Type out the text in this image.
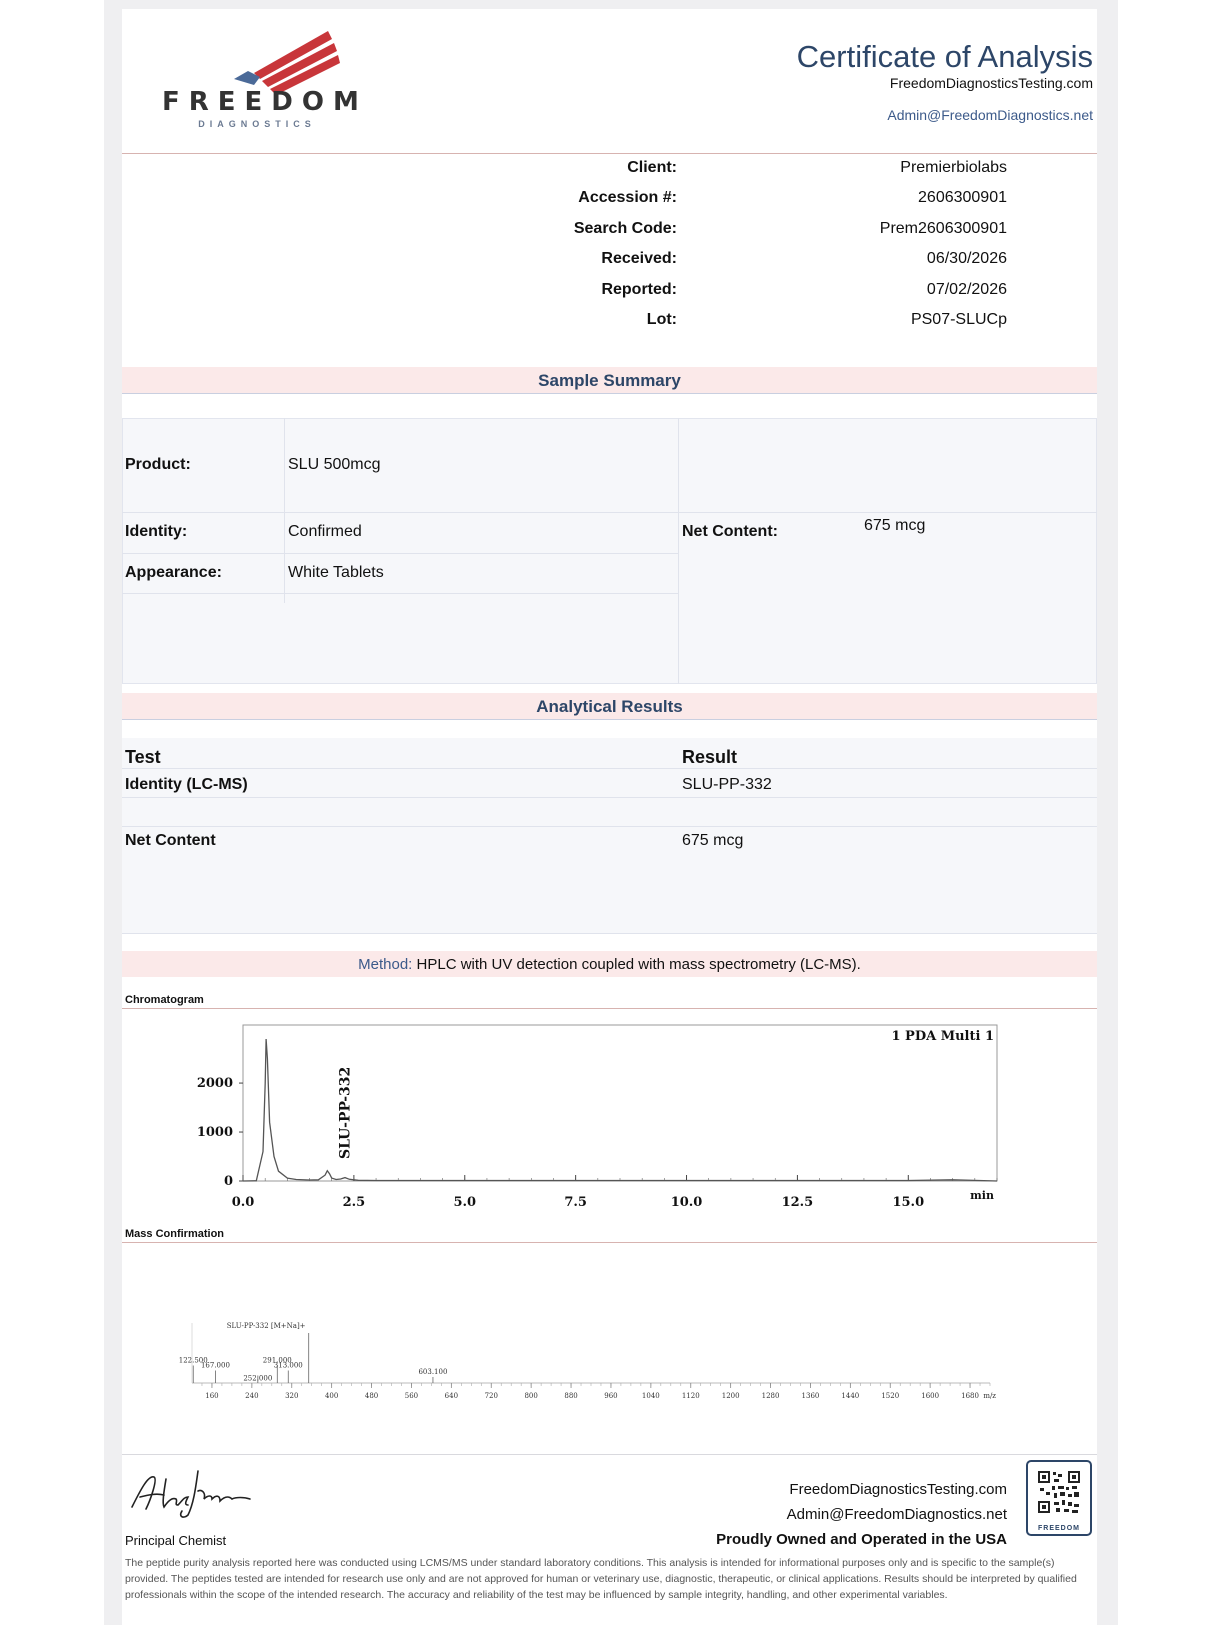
FREEDOM
DIAGNOSTICS
Certificate of Analysis
FreedomDiagnosticsTesting.com
Admin@FreedomDiagnostics.net
Client:	Premierbiolabs
Accession #:	2606300901
Search Code:	Prem2606300901
Received:	06/30/2026
Reported:	07/02/2026
Lot:	PS07-SLUCp
Sample Summary
Product:	SLU 500mcg
Identity:	Confirmed
Appearance:	White Tablets
Net Content:	675 mcg
Analytical Results
Test	Result
Identity (LC-MS)	SLU-PP-332
Net Content	675 mcg
Method: HPLC with UV detection coupled with mass spectrometry (LC-MS).
Chromatogram
0.0	2.5	5.0	7.5	10.0	12.5	15.0
0
1000
2000
min
1 PDA Multi 1
SLU-PP-332
Mass Confirmation
160	240	320	400	480	560	640	720	800	880	960	1040	1120	1200	1280	1360	1440	1520	1600	1680 m/z
122.500
167.000
252.000
291.000
313.000
SLU-PP-332 [M+Na]+
603.100
Principal Chemist
FreedomDiagnosticsTesting.com
Admin@FreedomDiagnostics.net
Proudly Owned and Operated in the USA
FREEDOM
The peptide purity analysis reported here was conducted using LCMS/MS under standard laboratory conditions. This analysis is intended for informational purposes only and is specific to the sample(s) provided. The peptides tested are intended for research use only and are not approved for human or veterinary use, diagnostic, therapeutic, or clinical applications. Results should be interpreted by qualified professionals within the scope of the intended research. The accuracy and reliability of the test may be influenced by sample integrity, handling, and other experimental variables.
